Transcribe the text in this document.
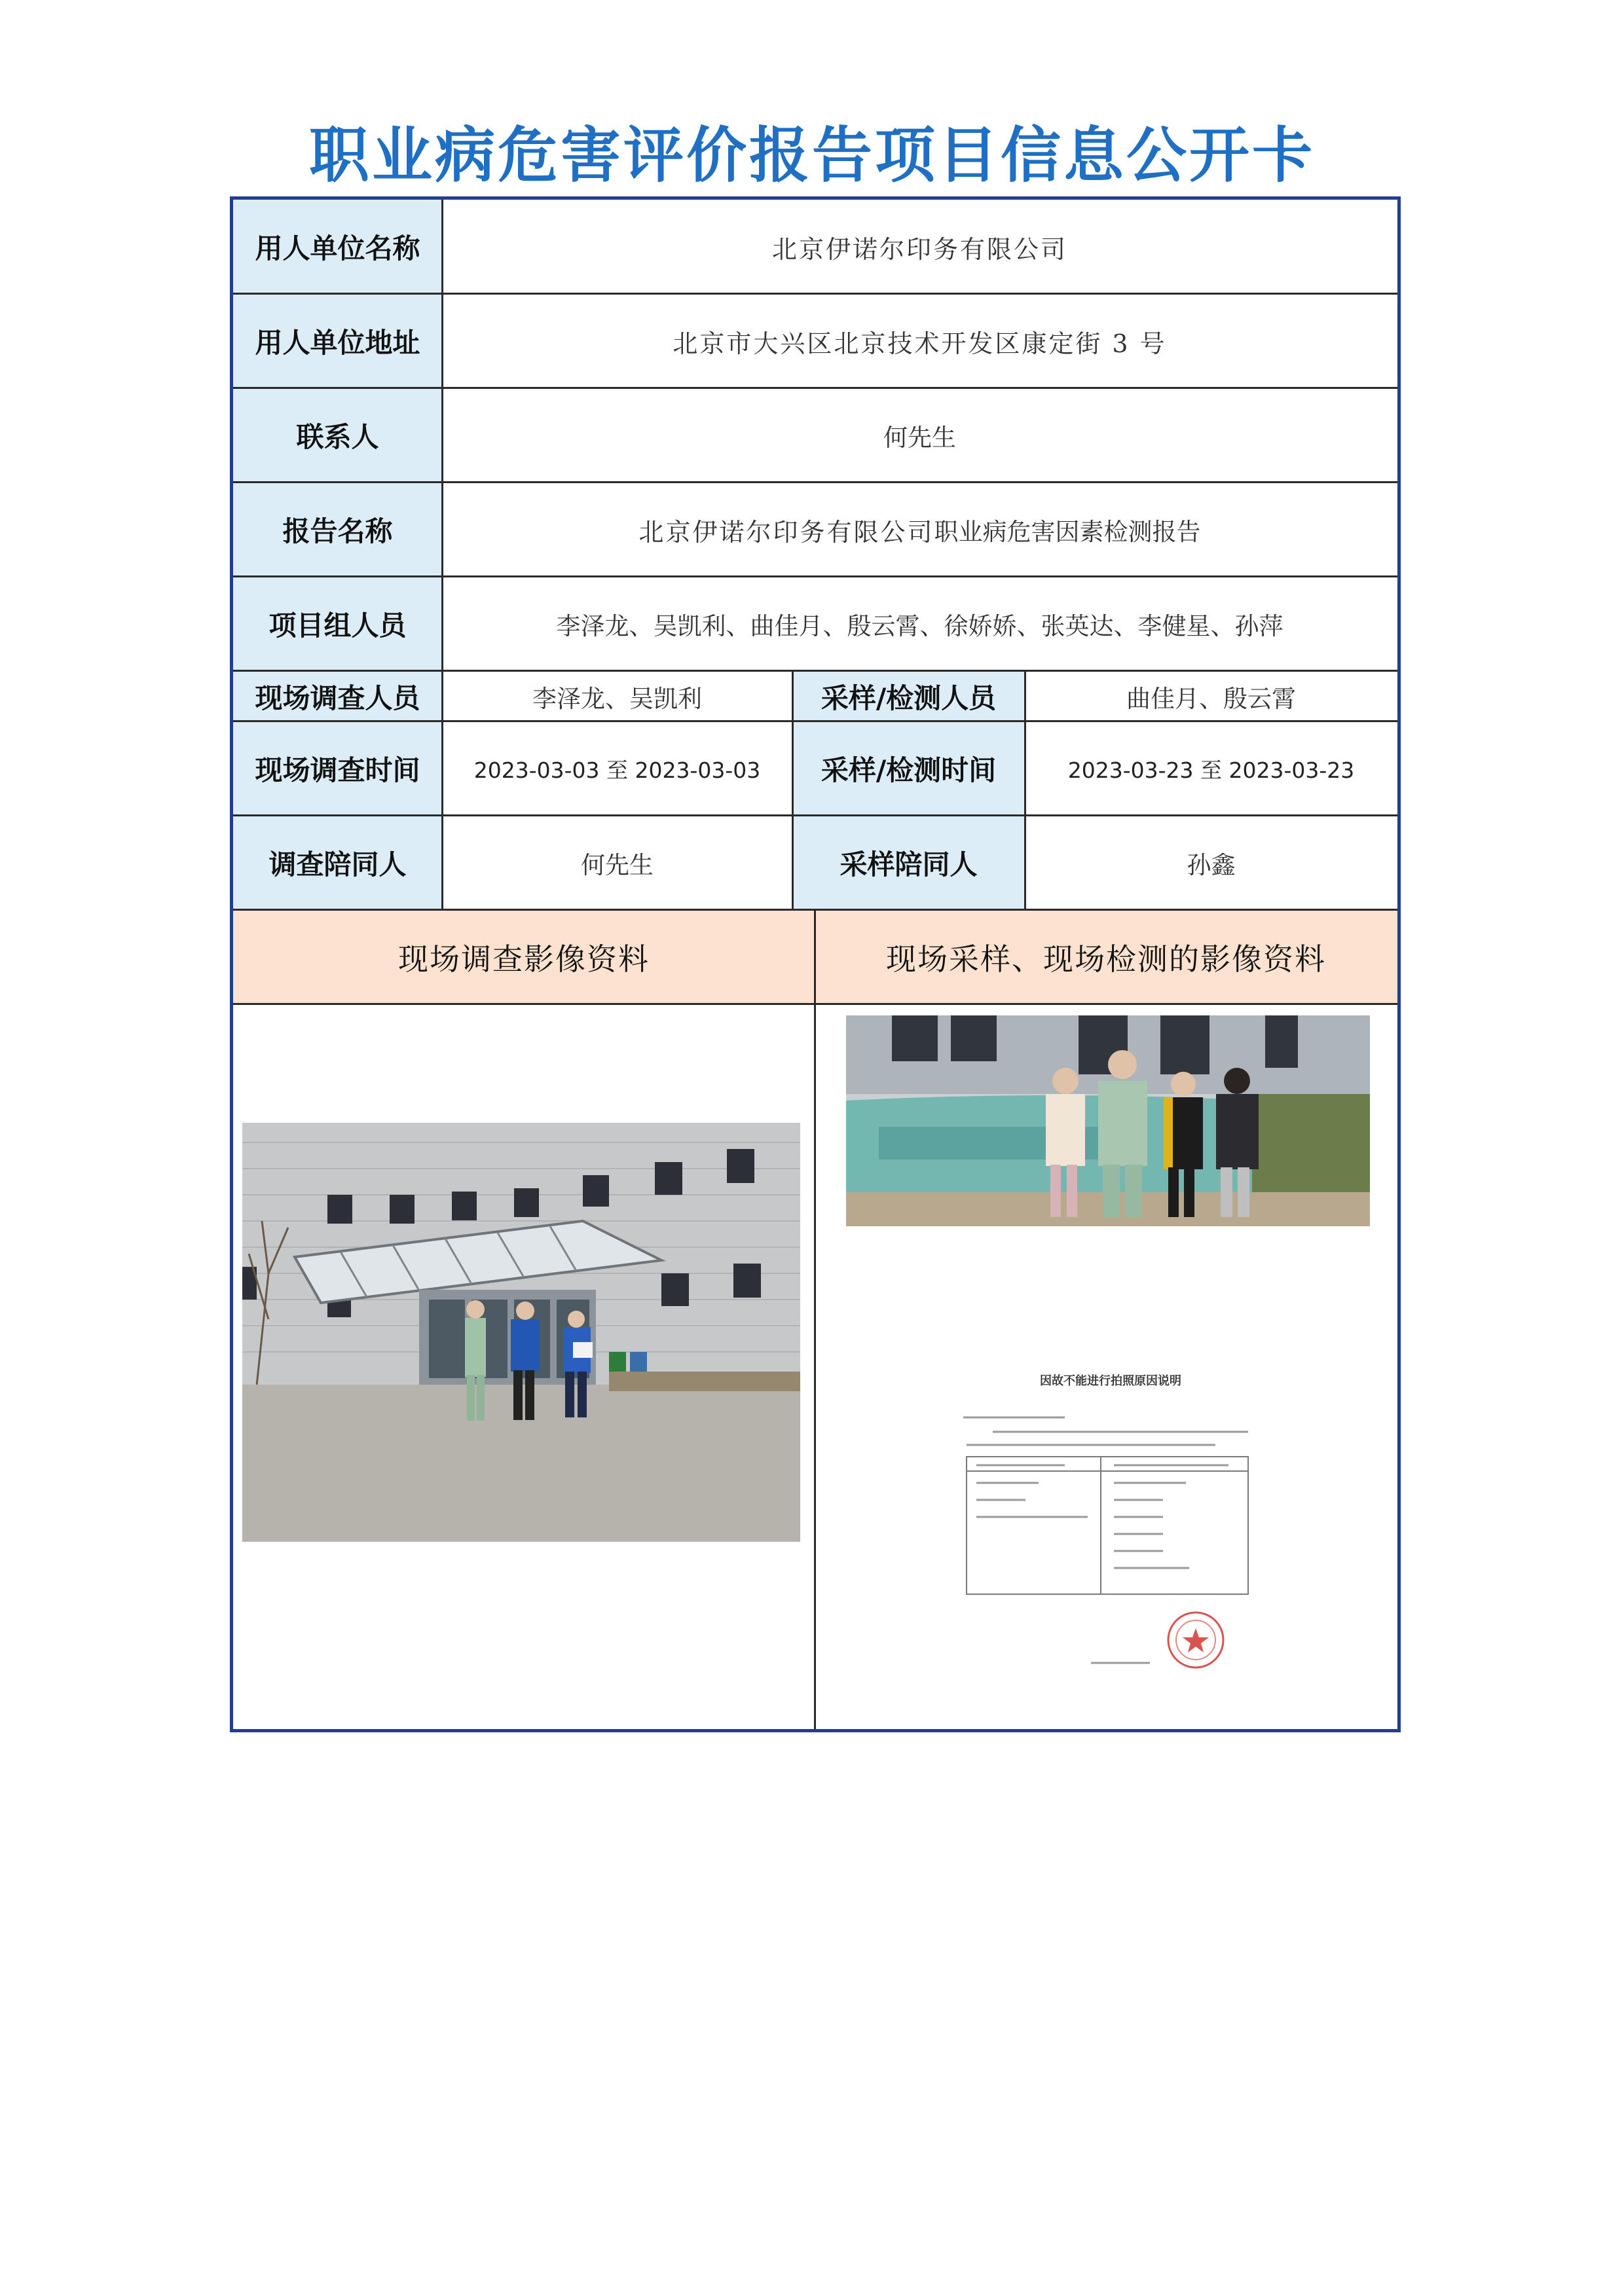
职业病危害评价报告项目信息公开卡
用人单位名称	北京伊诺尔印务有限公司
用人单位地址	北京市大兴区北京技术开发区康定街 3 号
联系人	何先生
报告名称	北京伊诺尔印务有限公司 职业病危害因素检测报告
项目组人员	李泽龙、吴凯利、曲佳月、殷云霄、徐娇娇、张英达、李健星、孙萍
现场调查人员	李泽龙、吴凯利	采样/检测人员	曲佳月、殷云霄
现场调查时间	2023-03-03 至 2023-03-03	采样/检测时间	2023-03-23 至 2023-03-23
调查陪同人	何先生	采样陪同人	孙鑫
现场调查影像资料	现场采样、现场检测的影像资料
因故不能进行拍照原因说明
